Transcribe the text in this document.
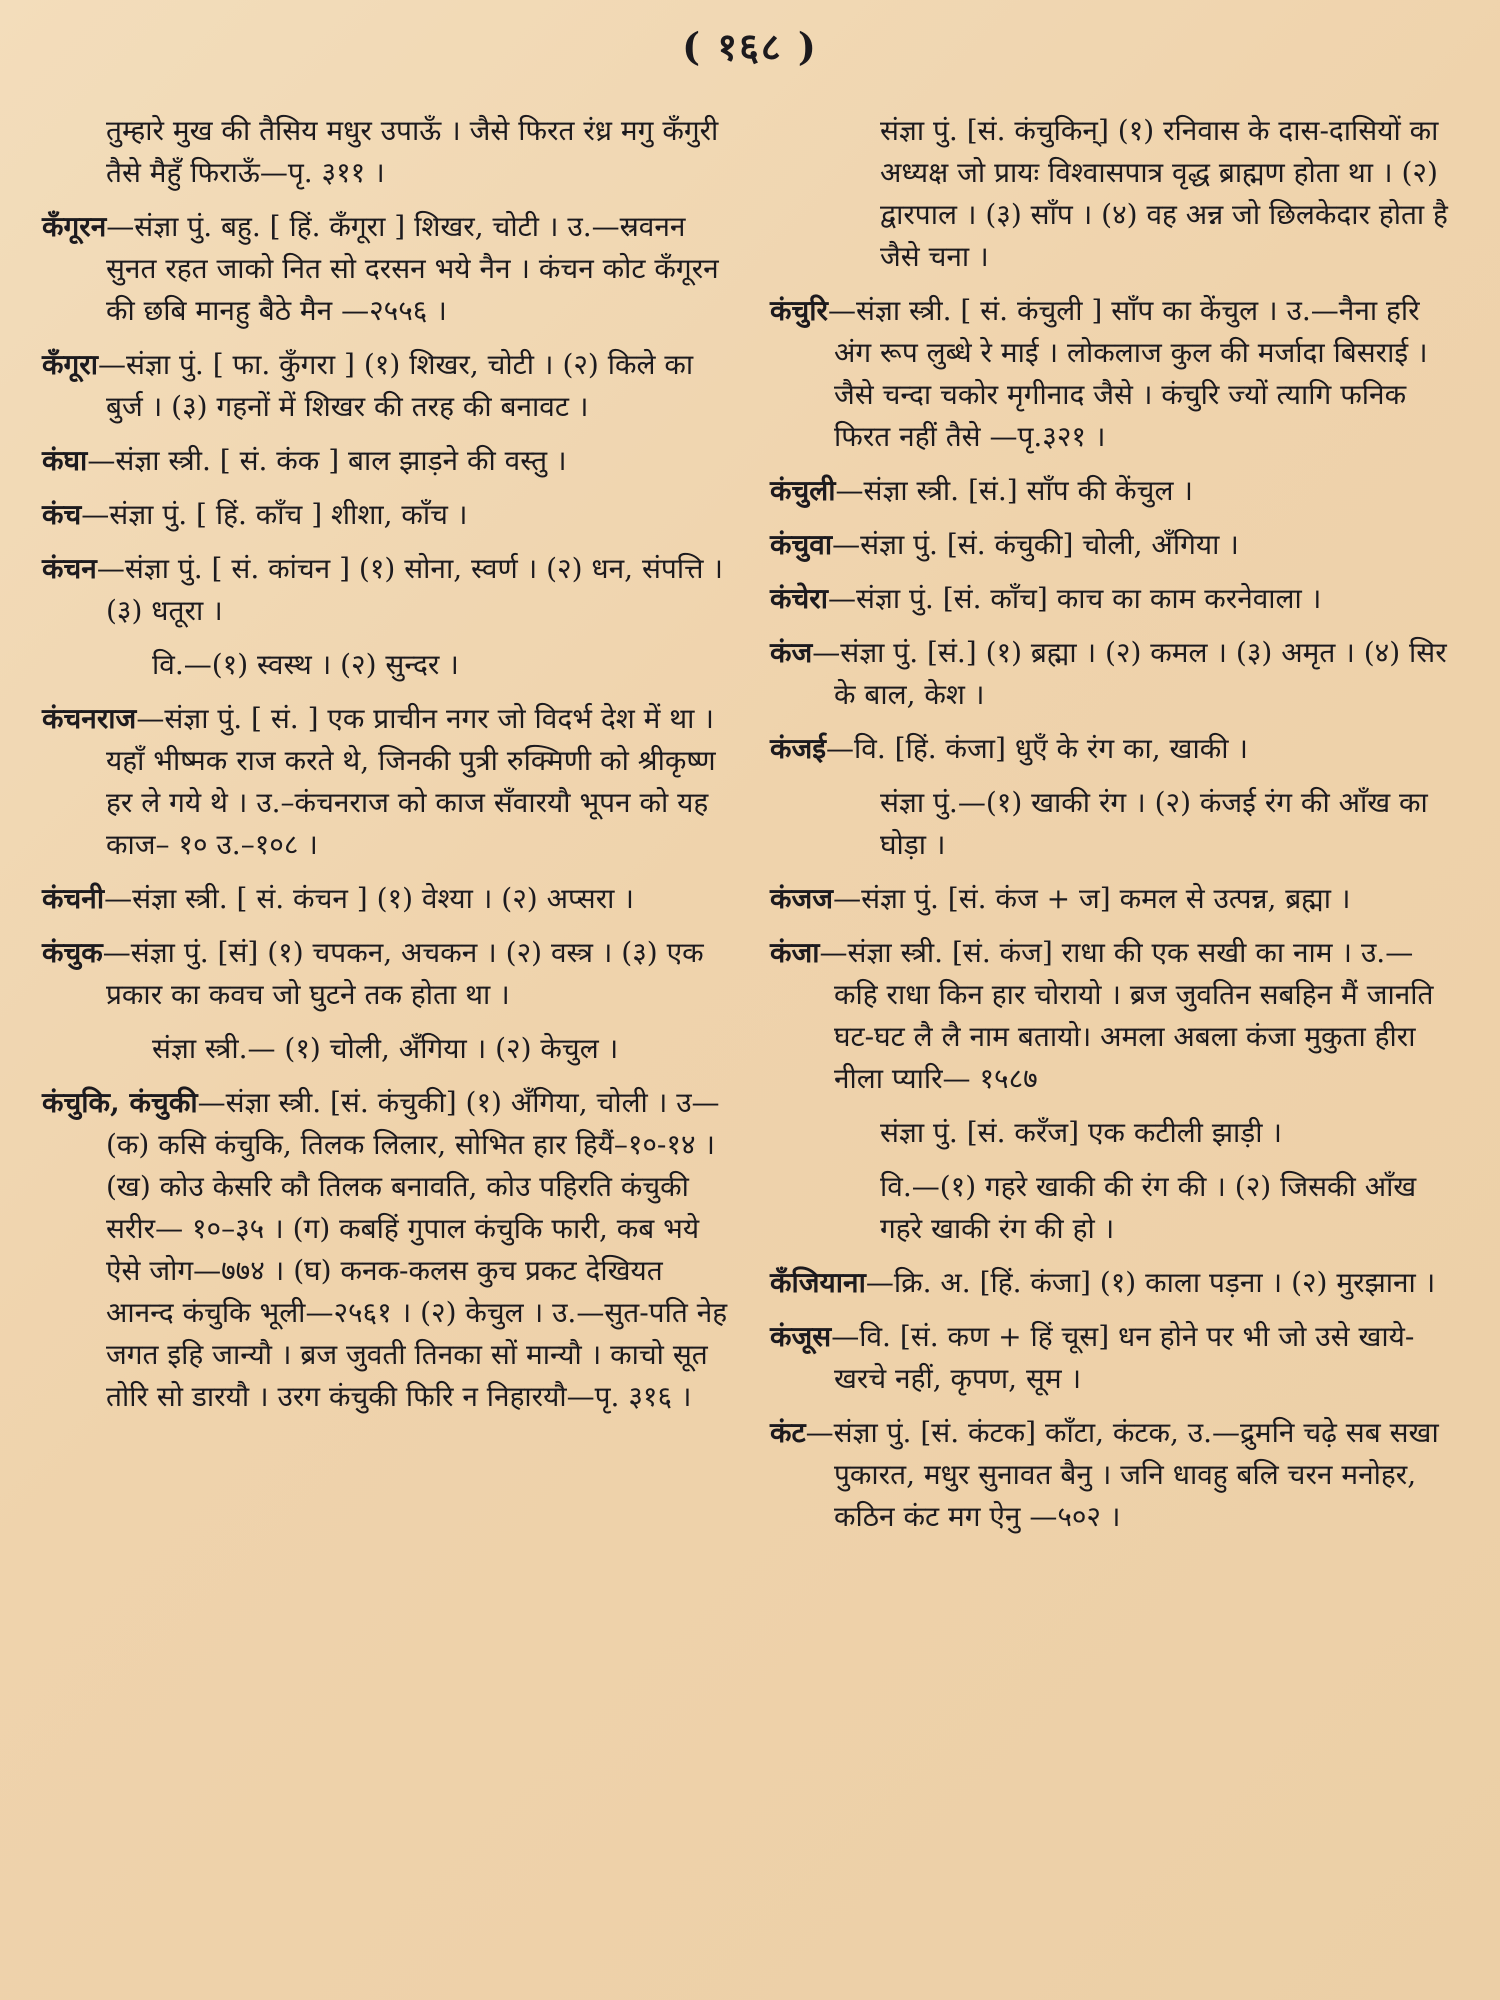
( १६८ )
तुम्हारे मुख की तैसिय मधुर उपाऊँ । जैसे फिरत रंध्र मगु कँगुरी तैसे मैहुँ फिराऊँ—पृ. ३११ ।
कँगूरन—संज्ञा पुं. बहु. [ हिं. कँगूरा ] शिखर, चोटी । उ.—स्रवनन सुनत रहत जाको नित सो दरसन भये नैन । कंचन कोट कँगूरन की छबि मानहु बैठे मैन —२५५६ ।
कँगूरा—संज्ञा पुं. [ फा. कुँगरा ] (१) शिखर, चोटी । (२) किले का बुर्ज । (३) गहनों में शिखर की तरह की बनावट ।
कंघा—संज्ञा स्त्री. [ सं. कंक ] बाल झाड़ने की वस्तु ।
कंच—संज्ञा पुं. [ हिं. काँच ] शीशा, काँच ।
कंचन—संज्ञा पुं. [ सं. कांचन ] (१) सोना, स्वर्ण । (२) धन, संपत्ति । (३) धतूरा ।
वि.—(१) स्वस्थ । (२) सुन्दर ।
कंचनराज—संज्ञा पुं. [ सं. ] एक प्राचीन नगर जो विदर्भ देश में था । यहाँ भीष्मक राज करते थे, जिनकी पुत्री रुक्मिणी को श्रीकृष्ण हर ले गये थे । उ.–कंचनराज को काज सँवारयौ भूपन को यह काज– १० उ.–१०८ ।
कंचनी—संज्ञा स्त्री. [ सं. कंचन ] (१) वेश्या । (२) अप्सरा ।
कंचुक—संज्ञा पुं. [सं] (१) चपकन, अचकन । (२) वस्त्र । (३) एक प्रकार का कवच जो घुटने तक होता था ।
संज्ञा स्त्री.— (१) चोली, अँगिया । (२) केचुल ।
कंचुकि, कंचुकी—संज्ञा स्त्री. [सं. कंचुकी] (१) अँगिया, चोली । उ—(क) कसि कंचुकि, तिलक लिलार, सोभित हार हियैं–१०-१४ । (ख) कोउ केसरि कौ तिलक बनावति, कोउ पहिरति कंचुकी सरीर— १०–३५ । (ग) कबहिं गुपाल कंचुकि फारी, कब भये ऐसे जोग—७७४ । (घ) कनक-कलस कुच प्रकट देखियत आनन्द कंचुकि भूली—२५६१ । (२) केचुल । उ.—सुत-पति नेह जगत इहि जान्यौ । ब्रज जुवती तिनका सों मान्यौ । काचो सूत तोरि सो डारयौ । उरग कंचुकी फिरि न निहारयौ—पृ. ३१६ ।
संज्ञा पुं. [सं. कंचुकिन्] (१) रनिवास के दास-दासियों का अध्यक्ष जो प्रायः विश्वासपात्र वृद्ध ब्राह्मण होता था । (२) द्वारपाल । (३) साँप । (४) वह अन्न जो छिलकेदार होता है जैसे चना ।
कंचुरि—संज्ञा स्त्री. [ सं. कंचुली ] साँप का केंचुल । उ.—नैना हरि अंग रूप लुब्धे रे माई । लोकलाज कुल की मर्जादा बिसराई । जैसे चन्दा चकोर मृगीनाद जैसे । कंचुरि ज्यों त्यागि फनिक फिरत नहीं तैसे —पृ.३२१ ।
कंचुली—संज्ञा स्त्री. [सं.] साँप की केंचुल ।
कंचुवा—संज्ञा पुं. [सं. कंचुकी] चोली, अँगिया ।
कंचेरा—संज्ञा पुं. [सं. काँच] काच का काम करनेवाला ।
कंज—संज्ञा पुं. [सं.] (१) ब्रह्मा । (२) कमल । (३) अमृत । (४) सिर के बाल, केश ।
कंजई—वि. [हिं. कंजा] धुएँ के रंग का, खाकी ।
संज्ञा पुं.—(१) खाकी रंग । (२) कंजई रंग की आँख का घोड़ा ।
कंजज—संज्ञा पुं. [सं. कंज + ज] कमल से उत्पन्न, ब्रह्मा ।
कंजा—संज्ञा स्त्री. [सं. कंज] राधा की एक सखी का नाम । उ.—कहि राधा किन हार चोरायो । ब्रज जुवतिन सबहिन मैं जानति घट-घट लै लै नाम बतायो। अमला अबला कंजा मुकुता हीरा नीला प्यारि— १५८७
संज्ञा पुं. [सं. करँज] एक कटीली झाड़ी ।
वि.—(१) गहरे खाकी की रंग की । (२) जिसकी आँख गहरे खाकी रंग की हो ।
कँजियाना—क्रि. अ. [हिं. कंजा] (१) काला पड़ना । (२) मुरझाना ।
कंजूस—वि. [सं. कण + हिं चूस] धन होने पर भी जो उसे खाये-खरचे नहीं, कृपण, सूम ।
कंट—संज्ञा पुं. [सं. कंटक] काँटा, कंटक, उ.—द्रुमनि चढ़े सब सखा पुकारत, मधुर सुनावत बैनु । जनि धावहु बलि चरन मनोहर, कठिन कंट मग ऐनु —५०२ ।
